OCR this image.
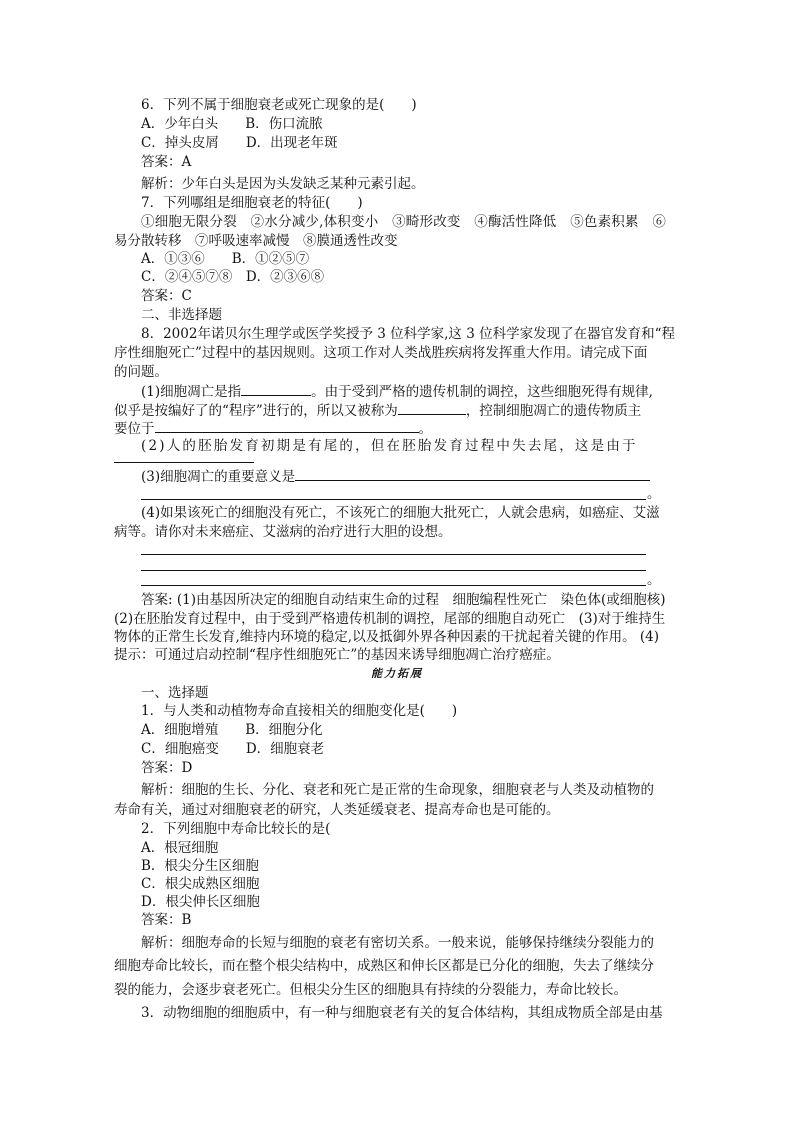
6．下列不属于细胞衰老或死亡现象的是(　　)
A．少年白头　　B．伤口流脓
C．掉头皮屑　　D．出现老年斑
答案：A
解析：少年白头是因为头发缺乏某种元素引起。
7．下列哪组是细胞衰老的特征(　　)
①细胞无限分裂　②水分减少,体积变小　③畸形改变　④酶活性降低　⑤色素积累　⑥
易分散转移　⑦呼吸速率减慢　⑧膜通透性改变
A．①③⑥　　B．①②⑤⑦
C．②④⑤⑦⑧　D．②③⑥⑧
答案：C
二、非选择题
8．2002年诺贝尔生理学或医学奖授予 3 位科学家,这 3 位科学家发现了在器官发育和“程
序性细胞死亡”过程中的基因规则。这项工作对人类战胜疾病将发挥重大作用。请完成下面
的问题。
(1)细胞凋亡是指	。由于受到严格的遗传机制的调控，这些细胞死得有规律,
似乎是按编好了的“程序”进行的，所以又被称为	，控制细胞凋亡的遗传物质主
要位于	。
(2)人的胚胎发育初期是有尾的，但在胚胎发育过程中失去尾，这是由于
(3)细胞凋亡的重要意义是
。
(4)如果该死亡的细胞没有死亡，不该死亡的细胞大批死亡，人就会患病，如癌症、艾滋
病等。请你对未来癌症、艾滋病的治疗进行大胆的设想。
。
答案: (1)由基因所决定的细胞自动结束生命的过程　细胞编程性死亡　染色体(或细胞核)
(2)在胚胎发育过程中，由于受到严格遗传机制的调控，尾部的细胞自动死亡　(3)对于维持生
物体的正常生长发育,维持内环境的稳定,以及抵御外界各种因素的干扰起着关键的作用。 (4)
提示：可通过启动控制“程序性细胞死亡”的基因来诱导细胞凋亡治疗癌症。
能力拓展
一、选择题
1．与人类和动植物寿命直接相关的细胞变化是(　　)
A．细胞增殖　　B．细胞分化
C．细胞癌变　　D．细胞衰老
答案：D
解析：细胞的生长、分化、衰老和死亡是正常的生命现象，细胞衰老与人类及动植物的
寿命有关，通过对细胞衰老的研究，人类延缓衰老、提高寿命也是可能的。
2．下列细胞中寿命比较长的是(
A．根冠细胞
B．根尖分生区细胞
C．根尖成熟区细胞
D．根尖伸长区细胞
答案：B
解析：细胞寿命的长短与细胞的衰老有密切关系。一般来说，能够保持继续分裂能力的
细胞寿命比较长，而在整个根尖结构中，成熟区和伸长区都是已分化的细胞，失去了继续分
裂的能力，会逐步衰老死亡。但根尖分生区的细胞具有持续的分裂能力，寿命比较长。
3．动物细胞的细胞质中，有一种与细胞衰老有关的复合体结构，其组成物质全部是由基
